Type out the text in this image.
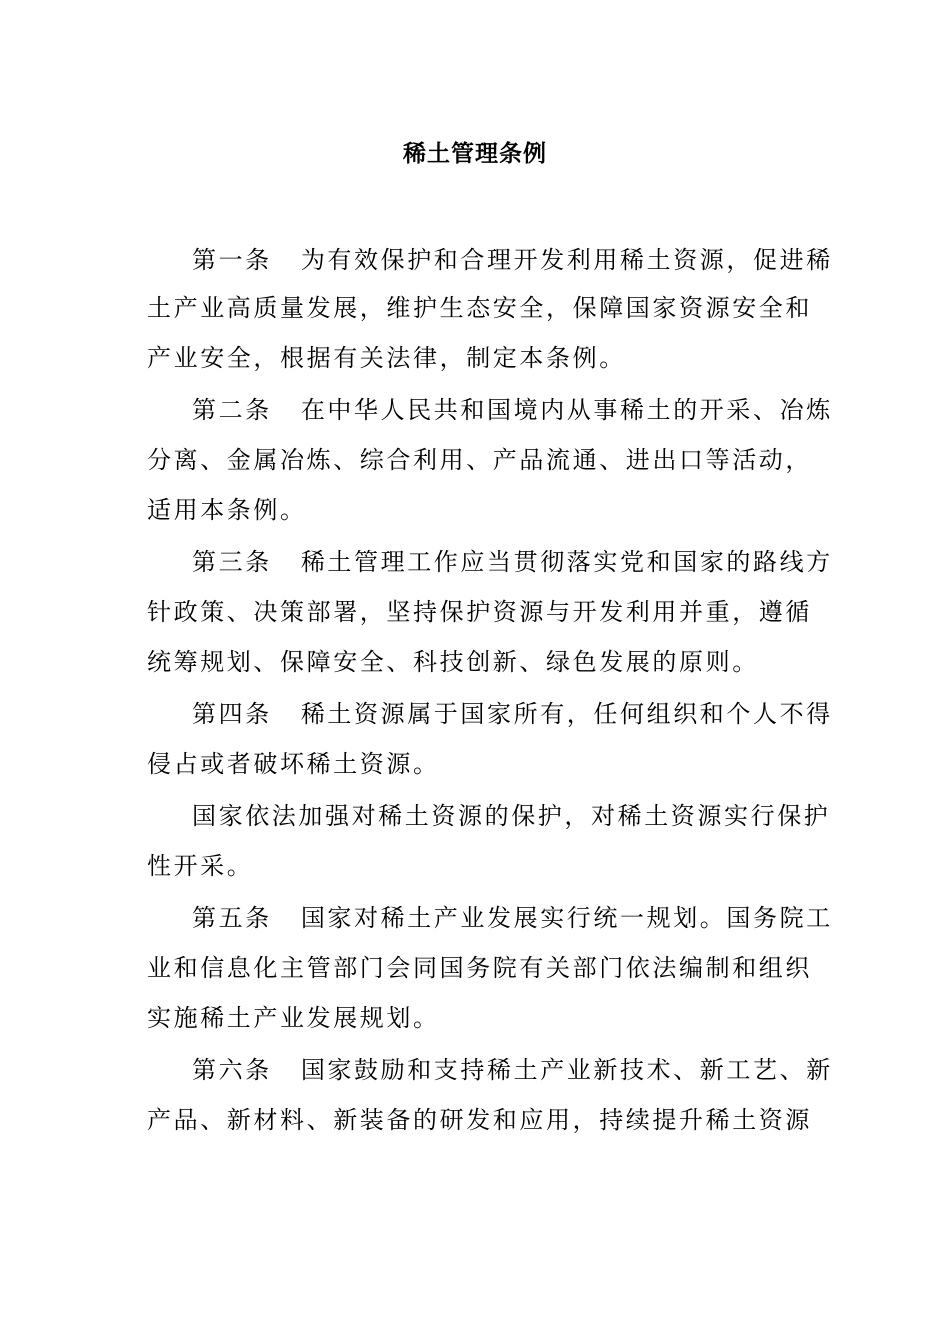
稀土管理条例
第一条 为有效保护和合理开发利用稀土资源，促进稀
土产业高质量发展，维护生态安全，保障国家资源安全和
产业安全，根据有关法律，制定本条例。
第二条 在中华人民共和国境内从事稀土的开采、冶炼
分离、金属冶炼、综合利用、产品流通、进出口等活动，
适用本条例。
第三条 稀土管理工作应当贯彻落实党和国家的路线方
针政策、决策部署，坚持保护资源与开发利用并重，遵循
统筹规划、保障安全、科技创新、绿色发展的原则。
第四条 稀土资源属于国家所有，任何组织和个人不得
侵占或者破坏稀土资源。
国家依法加强对稀土资源的保护，对稀土资源实行保护
性开采。
第五条 国家对稀土产业发展实行统一规划。国务院工
业和信息化主管部门会同国务院有关部门依法编制和组织
实施稀土产业发展规划。
第六条 国家鼓励和支持稀土产业新技术、新工艺、新
产品、新材料、新装备的研发和应用，持续提升稀土资源
